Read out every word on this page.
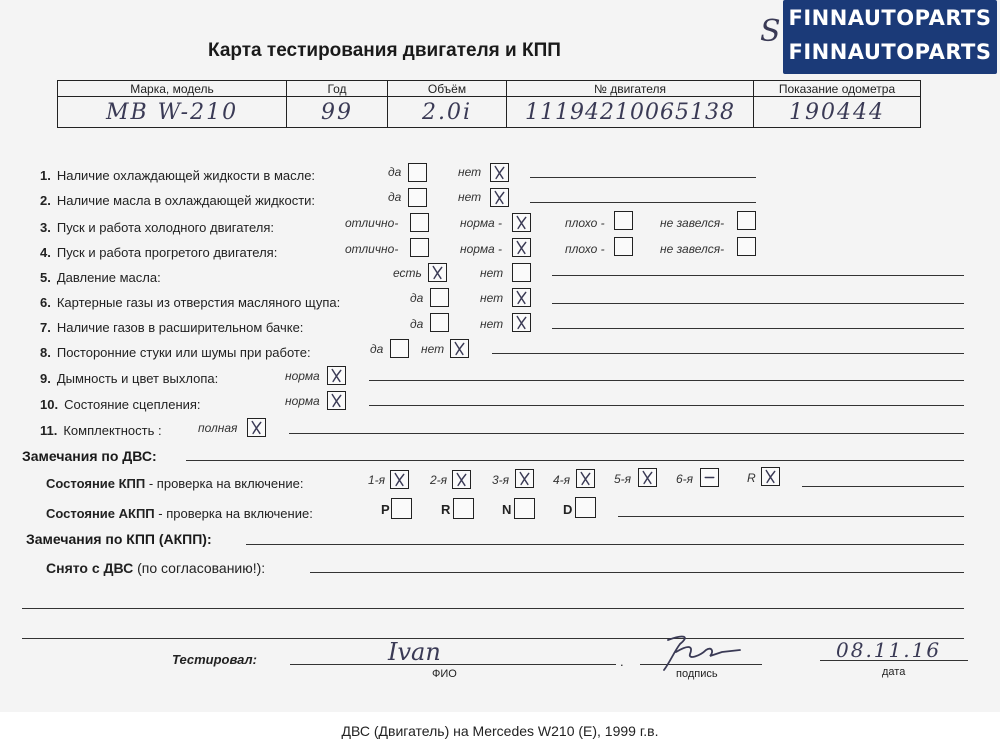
Карта тестирования двигателя и КПП
S FINNAUTOPARTS
FINNAUTOPARTS
Марка, модель	Год	Объём	№ двигателя	Показание одометра
MB W-210	99	2.0i	11194210065138	190444
1. Наличие охлаждающей жидкости в масле:	да	нет
2. Наличие масла в охлаждающей жидкости:	да	нет
3. Пуск и работа холодного двигателя:	отлично-	норма -	плохо -	не завелся-
4. Пуск и работа прогретого двигателя:	отлично-	норма -	плохо -	не завелся-
5. Давление масла:	есть	нет
6. Картерные газы из отверстия масляного щупа:	да	нет
7. Наличие газов в расширительном бачке:	да	нет
8. Посторонние стуки или шумы при работе:	да	нет
9. Дымность и цвет выхлопа:	норма
10. Состояние сцепления:	норма
11. Комплектность :	полная
Замечания по ДВС:
Состояние КПП - проверка на включение:	1-я	2-я	3-я	4-я	5-я	6-я	R
Состояние АКПП - проверка на включение:	P	R	N	D
Замечания по КПП (АКПП):
Снято с ДВС (по согласованию!):
Тестировал:	Ivan
ФИО
.
подпись
08.11.16
дата
ДВС (Двигатель) на Mercedes W210 (E), 1999 г.в.
